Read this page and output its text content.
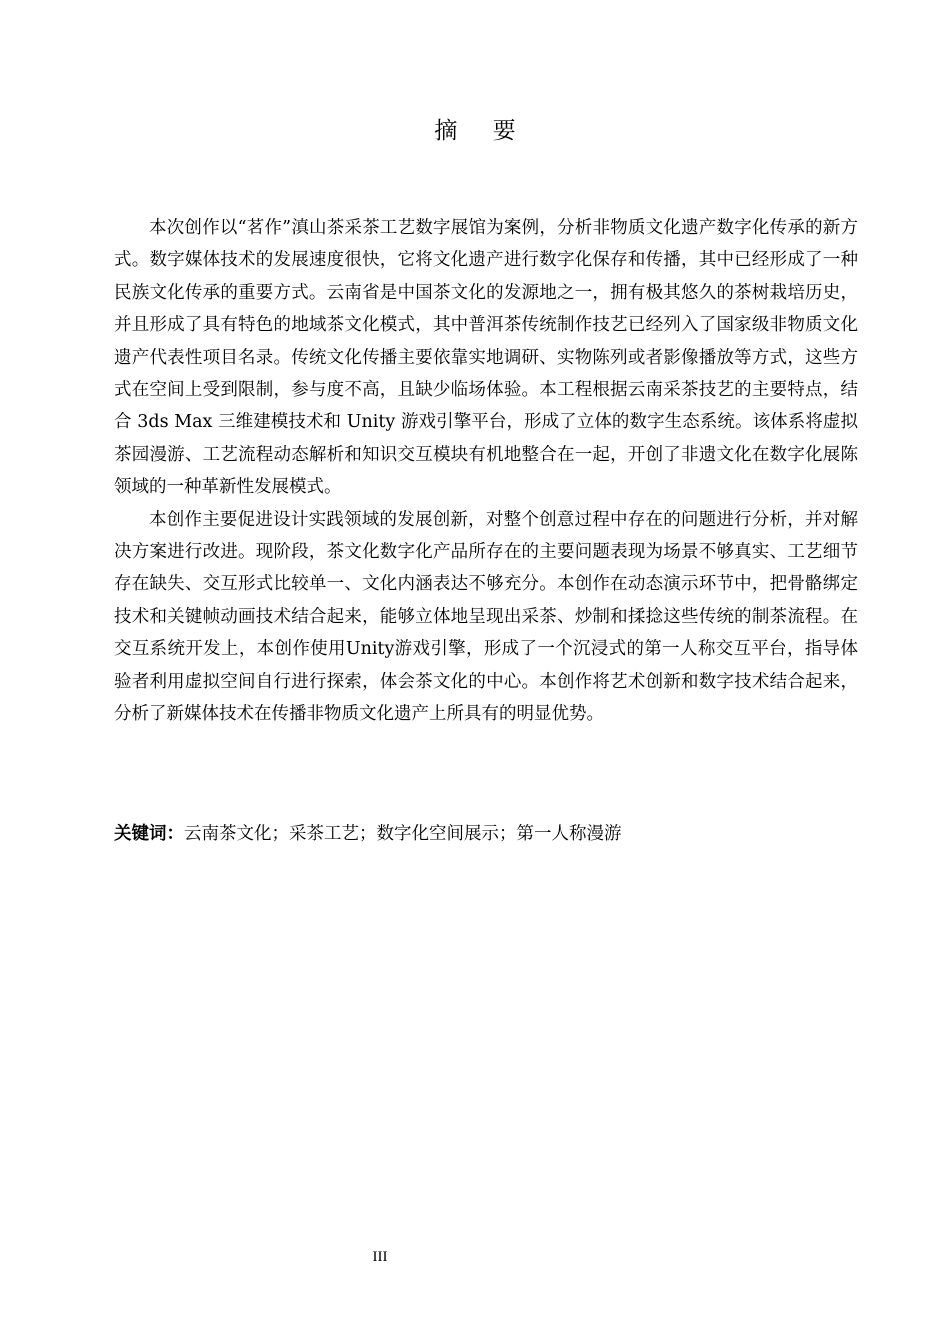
摘 要

本次创作以“茗作”滇山茶采茶工艺数字展馆为案例，分析非物质文化遗产数字化传承的新方式。数字媒体技术的发展速度很快，它将文化遗产进行数字化保存和传播，其中已经形成了一种民族文化传承的重要方式。云南省是中国茶文化的发源地之一，拥有极其悠久的茶树栽培历史，并且形成了具有特色的地域茶文化模式，其中普洱茶传统制作技艺已经列入了国家级非物质文化遗产代表性项目名录。传统文化传播主要依靠实地调研、实物陈列或者影像播放等方式，这些方式在空间上受到限制，参与度不高，且缺少临场体验。本工程根据云南采茶技艺的主要特点，结合 3ds Max 三维建模技术和 Unity 游戏引擎平台，形成了立体的数字生态系统。该体系将虚拟茶园漫游、工艺流程动态解析和知识交互模块有机地整合在一起，开创了非遗文化在数字化展陈领域的一种革新性发展模式。

本创作主要促进设计实践领域的发展创新，对整个创意过程中存在的问题进行分析，并对解决方案进行改进。现阶段，茶文化数字化产品所存在的主要问题表现为场景不够真实、工艺细节存在缺失、交互形式比较单一、文化内涵表达不够充分。本创作在动态演示环节中，把骨骼绑定技术和关键帧动画技术结合起来，能够立体地呈现出采茶、炒制和揉捻这些传统的制茶流程。在交互系统开发上，本创作使用Unity游戏引擎，形成了一个沉浸式的第一人称交互平台，指导体验者利用虚拟空间自行进行探索，体会茶文化的中心。本创作将艺术创新和数字技术结合起来，分析了新媒体技术在传播非物质文化遗产上所具有的明显优势。

关键词：云南茶文化；采茶工艺；数字化空间展示；第一人称漫游
III
